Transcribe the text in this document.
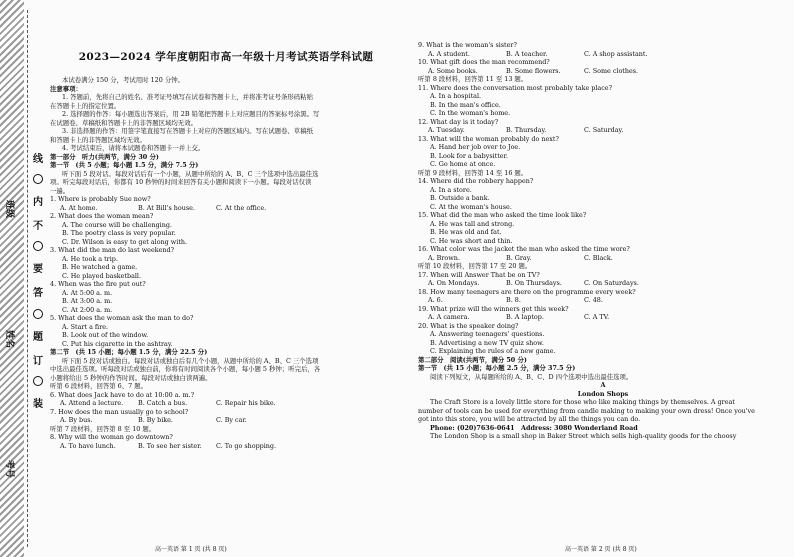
班级
姓名
考号
线
内
不
要
答
题
订
装
2023—2024 学年度朝阳市高一年级十月考试英语学科试题
本试卷满分 150 分，考试用时 120 分钟。
注意事项：
1. 答题前，先将自己的姓名、准考证号填写在试卷和答题卡上，并将准考证号条形码粘贴
在答题卡上的指定位置。
2. 选择题的作答：每小题选出答案后，用 2B 铅笔把答题卡上对应题目的答案标号涂黑。写
在试题卷、草稿纸和答题卡上的非答题区域均无效。
3. 非选择题的作答：用签字笔直接写在答题卡上对应的答题区域内。写在试题卷、草稿纸
和答题卡上的非答题区域均无效。
4. 考试结束后，请将本试题卷和答题卡一并上交。
第一部分　听力(共两节，满分 30 分)
第一节　(共 5 小题；每小题 1.5 分，满分 7.5 分)
听下面 5 段对话。每段对话后有一个小题，从题中所给的 A、B、C 三个选项中选出最佳选
项。听完每段对话后，你都有 10 秒钟的时间来回答有关小题和阅读下一小题。每段对话仅读
一遍。
1. Where is probably Sue now?
A. At home.	B. At Bill's house.	C. At the office.
2. What does the woman mean?
A. The course will be challenging.
B. The poetry class is very popular.
C. Dr. Wilson is easy to get along with.
3. What did the man do last weekend?
A. He took a trip.
B. He watched a game.
C. He played basketball.
4. When was the fire put out?
A. At 5:00 a. m.
B. At 3:00 a. m.
C. At 2:00 a. m.
5. What does the woman ask the man to do?
A. Start a fire.
B. Look out of the window.
C. Put his cigarette in the ashtray.
第二节　(共 15 小题；每小题 1.5 分，满分 22.5 分)
听下面 5 段对话或独白。每段对话或独白后有几个小题，从题中所给的 A、B、C 三个选项
中选出最佳选项。听每段对话或独白前，你将有时间阅读各个小题，每小题 5 秒钟；听完后，各
小题将给出 5 秒钟的作答时间。每段对话或独白读两遍。
听第 6 段材料，回答第 6、7 题。
6. What does Jack have to do at 10:00 a. m.?
A. Attend a lecture.	B. Catch a bus.	C. Repair his bike.
7. How does the man usually go to school?
A. By bus.	B. By bike.	C. By car.
听第 7 段材料，回答第 8 至 10 题。
8. Why will the woman go downtown?
A. To have lunch.	B. To see her sister.	C. To go shopping.
高一英语 第 1 页 (共 8 页)
9. What is the woman's sister?
A. A student.	B. A teacher.	C. A shop assistant.
10. What gift does the man recommend?
A. Some books.	B. Some flowers.	C. Some clothes.
听第 8 段材料，回答第 11 至 13 题。
11. Where does the conversation most probably take place?
A. In a hospital.
B. In the man's office.
C. In the woman's home.
12. What day is it today?
A. Tuesday.	B. Thursday.	C. Saturday.
13. What will the woman probably do next?
A. Hand her job over to Joe.
B. Look for a babysitter.
C. Go home at once.
听第 9 段材料，回答第 14 至 16 题。
14. Where did the robbery happen?
A. In a store.
B. Outside a bank.
C. At the woman's house.
15. What did the man who asked the time look like?
A. He was tall and strong.
B. He was old and fat.
C. He was short and thin.
16. What color was the jacket the man who asked the time wore?
A. Brown.	B. Gray.	C. Black.
听第 10 段材料，回答第 17 至 20 题。
17. When will Answer That be on TV?
A. On Mondays.	B. On Thursdays.	C. On Saturdays.
18. How many teenagers are there on the programme every week?
A. 6.	B. 8.	C. 48.
19. What prize will the winners get this week?
A. A camera.	B. A laptop.	C. A TV.
20. What is the speaker doing?
A. Answering teenagers' questions.
B. Advertising a new TV quiz show.
C. Explaining the rules of a new game.
第二部分　阅读(共两节，满分 50 分)
第一节　(共 15 小题；每小题 2.5 分，满分 37.5 分)
阅读下列短文，从每题所给的 A、B、C、D 四个选项中选出最佳选项。
A
London Shops
The Craft Store is a lovely little store for those who like making things by themselves. A great
number of tools can be used for everything from candle making to making your own dress! Once you've
got into this store, you will be attracted by all the things you can do.
Phone: (020)7636-0641　Address: 3080 Wonderland Road
The London Shop is a small shop in Baker Street which sells high-quality goods for the choosy
高一英语 第 2 页 (共 8 页)
